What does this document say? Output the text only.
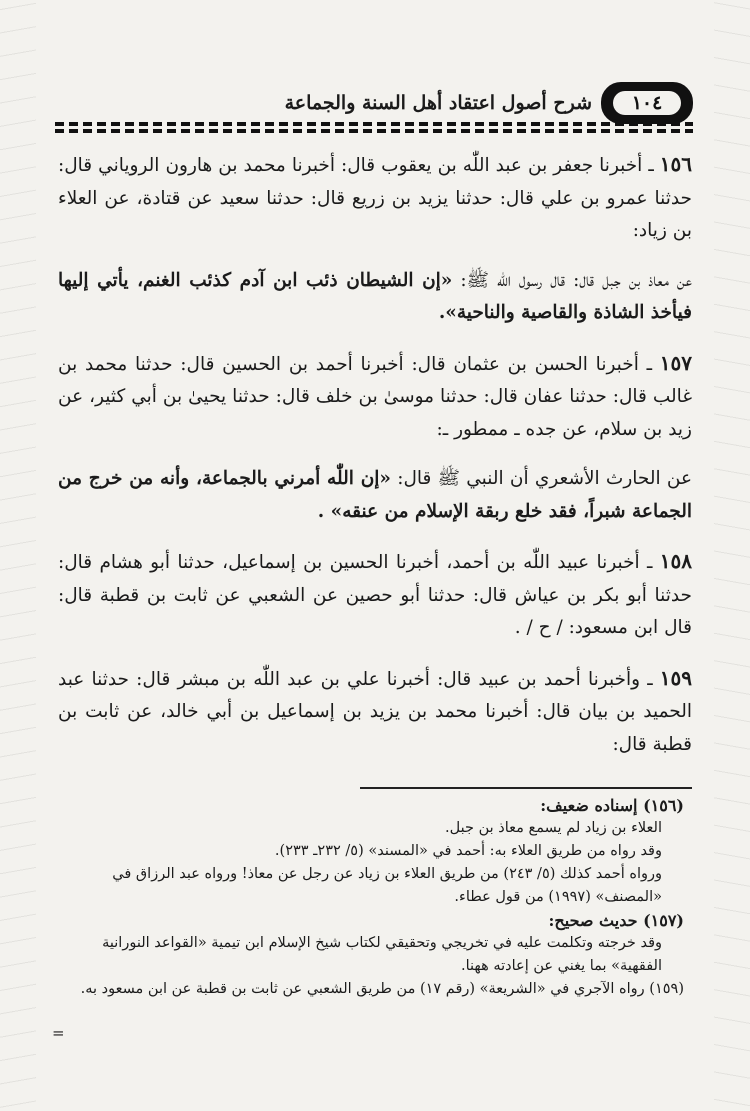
١٠٤
شرح أصول اعتقاد أهل السنة والجماعة

١٥٦ ـ أخبرنا جعفر بن عبد اللّٰه بن يعقوب قال: أخبرنا محمد بن هارون الروياني قال: حدثنا عمرو بن علي قال: حدثنا يزيد بن زريع قال: حدثنا سعيد عن قتادة، عن العلاء بن زياد:

عن معاذ بن جبل قال: قال رسول اللّٰه ﷺ: «إن الشيطان ذئب ابن آدم كذئب الغنم، يأتي إليها فيأخذ الشاذة والقاصية والناحية».

١٥٧ ـ أخبرنا الحسن بن عثمان قال: أخبرنا أحمد بن الحسين قال: حدثنا محمد بن غالب قال: حدثنا عفان قال: حدثنا موسىٰ بن خلف قال: حدثنا يحيىٰ بن أبي كثير، عن زيد بن سلام، عن جده ـ ممطور ـ:

عن الحارث الأشعري أن النبي ﷺ قال: «إن اللّٰه أمرني بالجماعة، وأنه من خرج من الجماعة شبراً، فقد خلع ربقة الإسلام من عنقه» .

١٥٨ ـ أخبرنا عبيد اللّٰه بن أحمد، أخبرنا الحسين بن إسماعيل، حدثنا أبو هشام قال: حدثنا أبو بكر بن عياش قال: حدثنا أبو حصين عن الشعبي عن ثابت بن قطبة قال: قال ابن مسعود: / ح / .

١٥٩ ـ وأخبرنا أحمد بن عبيد قال: أخبرنا علي بن عبد اللّٰه بن مبشر قال: حدثنا عبد الحميد بن بيان قال: أخبرنا محمد بن يزيد بن إسماعيل بن أبي خالد، عن ثابت بن قطبة قال:

(١٥٦) إسناده ضعيف:

العلاء بن زياد لم يسمع معاذ بن جبل.

وقد رواه من طريق العلاء به: أحمد في «المسند» (٥/ ٢٣٢ـ ٢٣٣).

ورواه أحمد كذلك (٥/ ٢٤٣) من طريق العلاء بن زياد عن رجل عن معاذ! ورواه عبد الرزاق في «المصنف» (١٩٩٧) من قول عطاء.

(١٥٧) حديث صحيح:

وقد خرجته وتكلمت عليه في تخريجي وتحقيقي لكتاب شيخ الإسلام ابن تيمية «القواعد النورانية الفقهية» بما يغني عن إعادته ههنا.

(١٥٩) رواه الآجري في «الشريعة» (رقم ١٧) من طريق الشعبي عن ثابت بن قطبة عن ابن مسعود به.

=
